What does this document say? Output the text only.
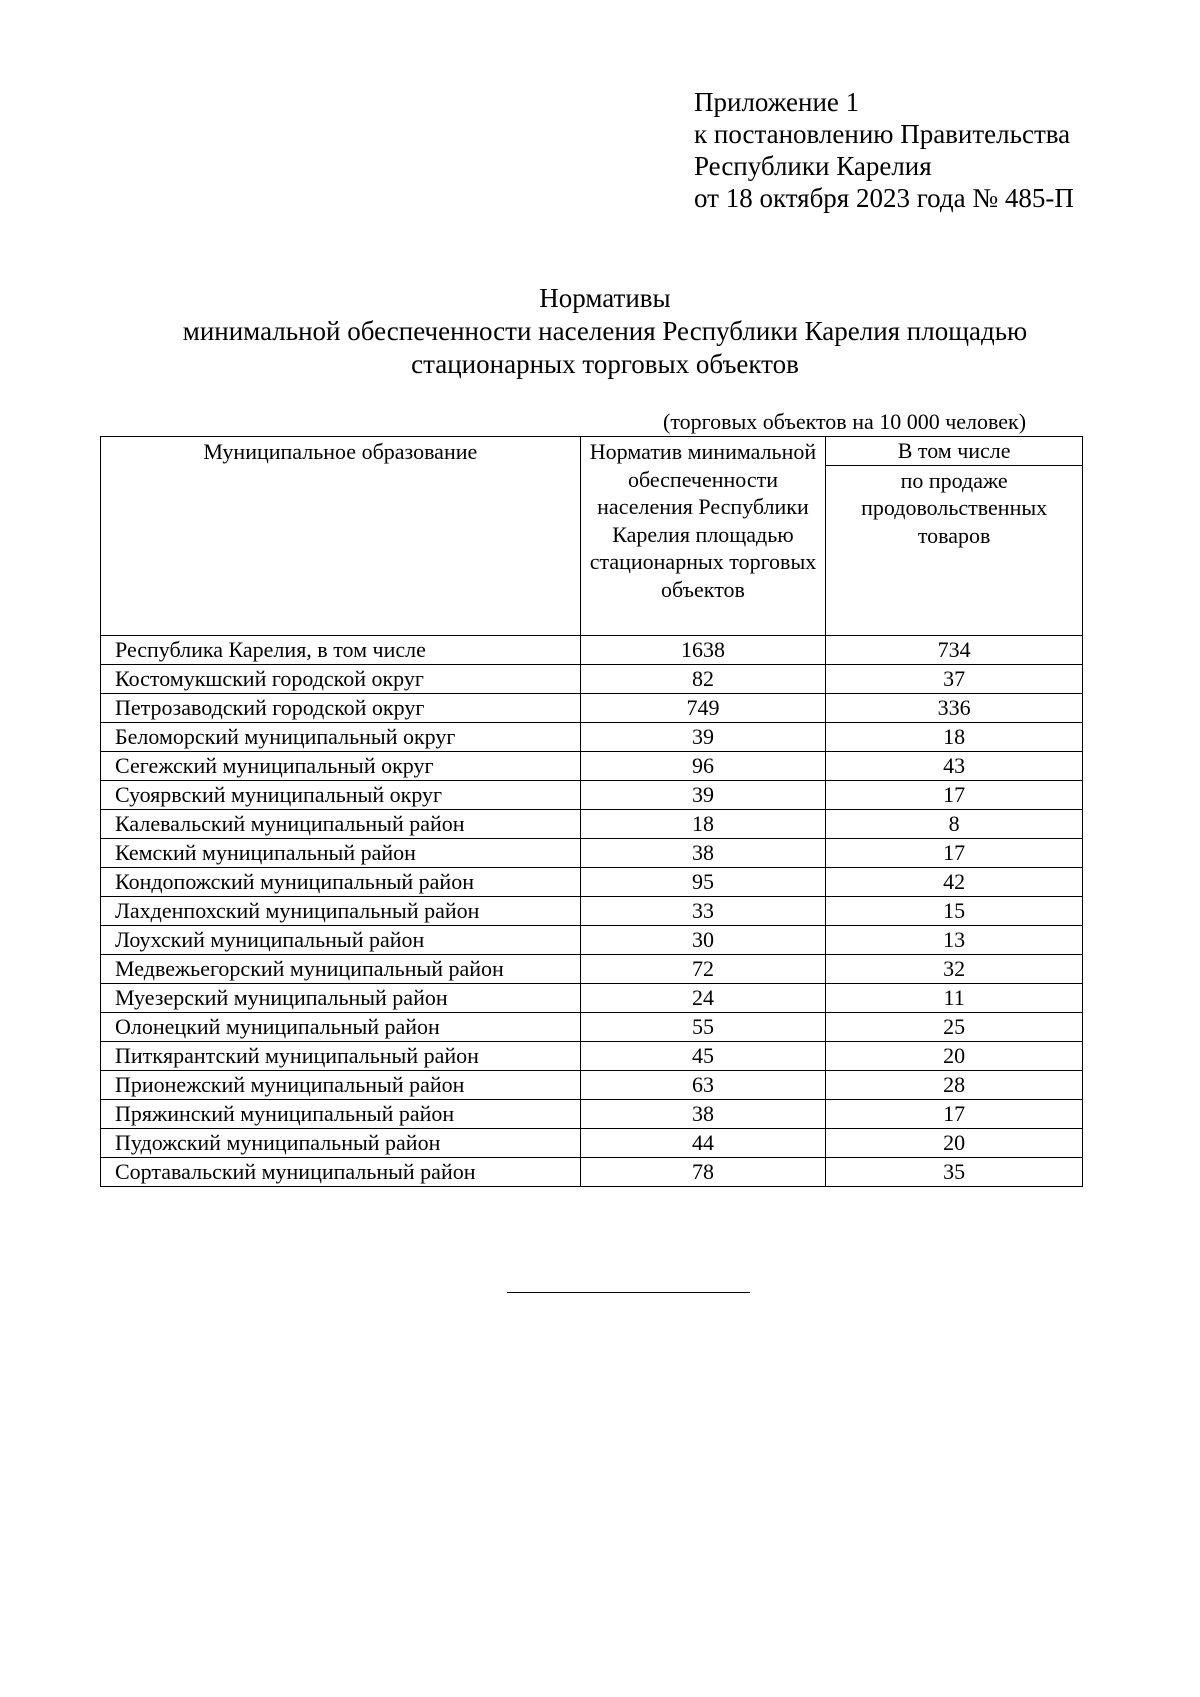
Приложение 1
к постановлению Правительства
Республики Карелия
от 18 октября 2023 года № 485-П
Нормативы
минимальной обеспеченности населения Республики Карелия площадью
стационарных торговых объектов
(торговых объектов на 10 000 человек)
Муниципальное образование	Норматив минимальной обеспеченности населения Республики Карелия площадью стационарных торговых объектов	В том числе
		по продаже продовольственных товаров
Республика Карелия, в том числе	1638	734
Костомукшский городской округ	82	37
Петрозаводский городской округ	749	336
Беломорский муниципальный округ	39	18
Сегежский муниципальный округ	96	43
Суоярвский муниципальный округ	39	17
Калевальский муниципальный район	18	8
Кемский муниципальный район	38	17
Кондопожский муниципальный район	95	42
Лахденпохский муниципальный район	33	15
Лоухский муниципальный район	30	13
Медвежьегорский муниципальный район	72	32
Муезерский муниципальный район	24	11
Олонецкий муниципальный район	55	25
Питкярантский муниципальный район	45	20
Прионежский муниципальный район	63	28
Пряжинский муниципальный район	38	17
Пудожский муниципальный район	44	20
Сортавальский муниципальный район	78	35
